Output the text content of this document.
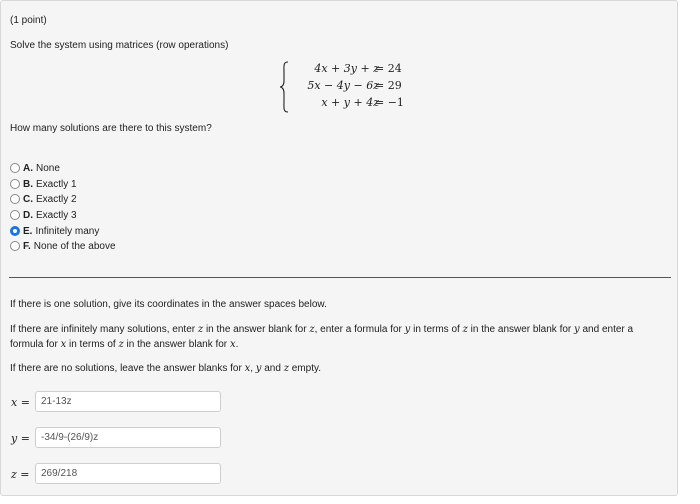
(1 point)
Solve the system using matrices (row operations)
4x + 3y + z
= 24
5x − 4y − 6z
= 29
x + y + 4z
= −1
How many solutions are there to this system?
A. None
B. Exactly 1
C. Exactly 2
D. Exactly 3
E. Infinitely many
F. None of the above
If there is one solution, give its coordinates in the answer spaces below.
If there are infinitely many solutions, enter z in the answer blank for z, enter a formula for y in terms of z in the answer blank for y and enter a
formula for x in terms of z in the answer blank for x.
If there are no solutions, leave the answer blanks for x, y and z empty.
x =
21-13z
y =
-34/9-(26/9)z
z =
269/218
